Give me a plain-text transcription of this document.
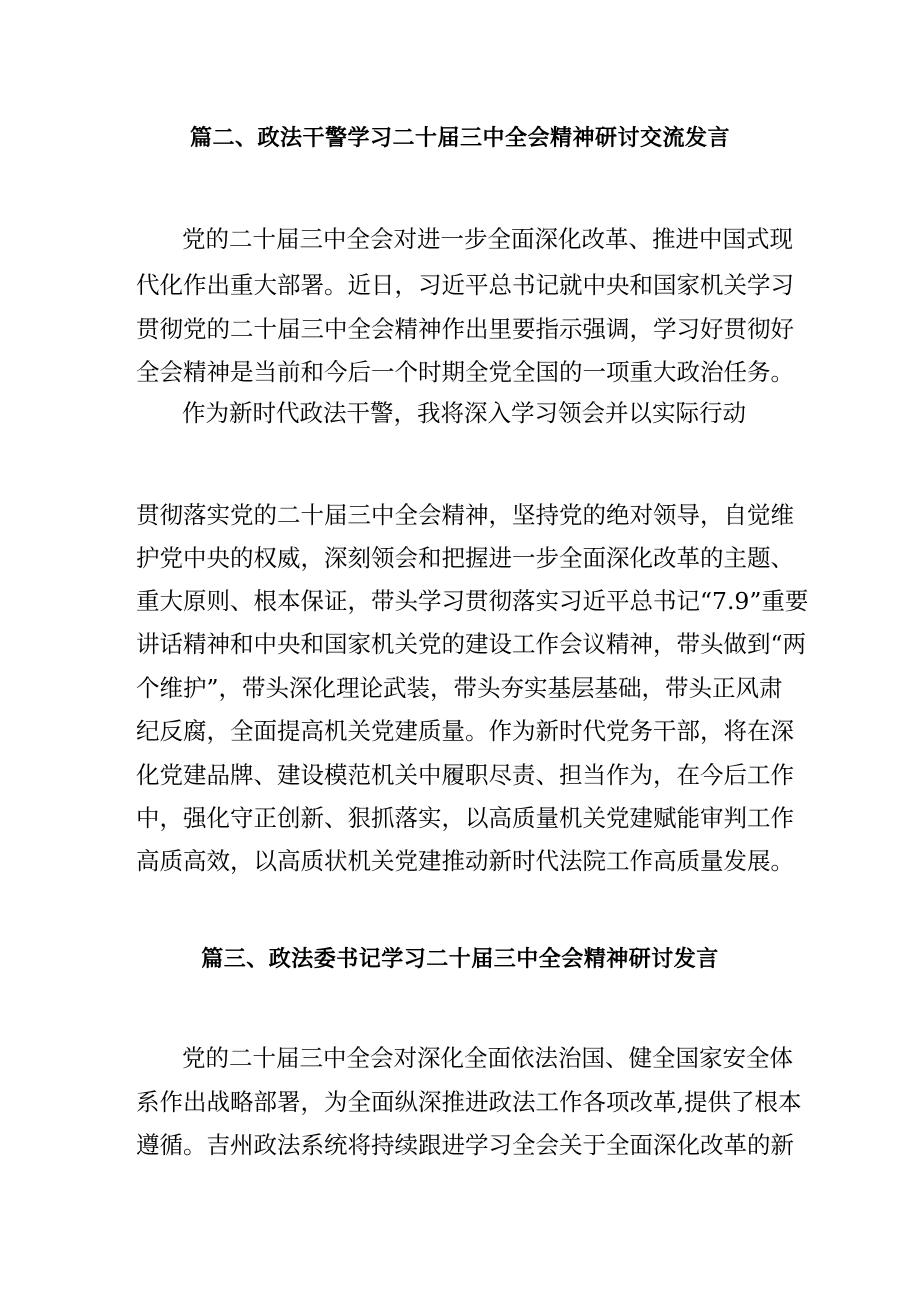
篇二、政法干警学习二十届三中全会精神研讨交流发言
党的二十届三中全会对进一步全面深化改革、推进中国式现
代化作出重大部署。近日，习近平总书记就中央和国家机关学习
贯彻党的二十届三中全会精神作出里要指示强调，学习好贯彻好
全会精神是当前和今后一个时期全党全国的一项重大政治任务。
作为新时代政法干警，我将深入学习领会并以实际行动
贯彻落实党的二十届三中全会精神，坚持党的绝对领导，自觉维
护党中央的权威，深刻领会和把握进一步全面深化改革的主题、
重大原则、根本保证，带头学习贯彻落实习近平总书记“7.9”重要
讲话精神和中央和国家机关党的建设工作会议精神，带头做到“两
个维护”，带头深化理论武装，带头夯实基层基础，带头正风肃
纪反腐，全面提高机关党建质量。作为新时代党务干部，将在深
化党建品牌、建设模范机关中履职尽责、担当作为，在今后工作
中，强化守正创新、狠抓落实，以高质量机关党建赋能审判工作
高质高效，以高质状机关党建推动新时代法院工作高质量发展。
篇三、政法委书记学习二十届三中全会精神研讨发言
党的二十届三中全会对深化全面依法治国、健全国家安全体
系作出战略部署，为全面纵深推进政法工作各项改革,提供了根本
遵循。吉州政法系统将持续跟进学习全会关于全面深化改革的新
